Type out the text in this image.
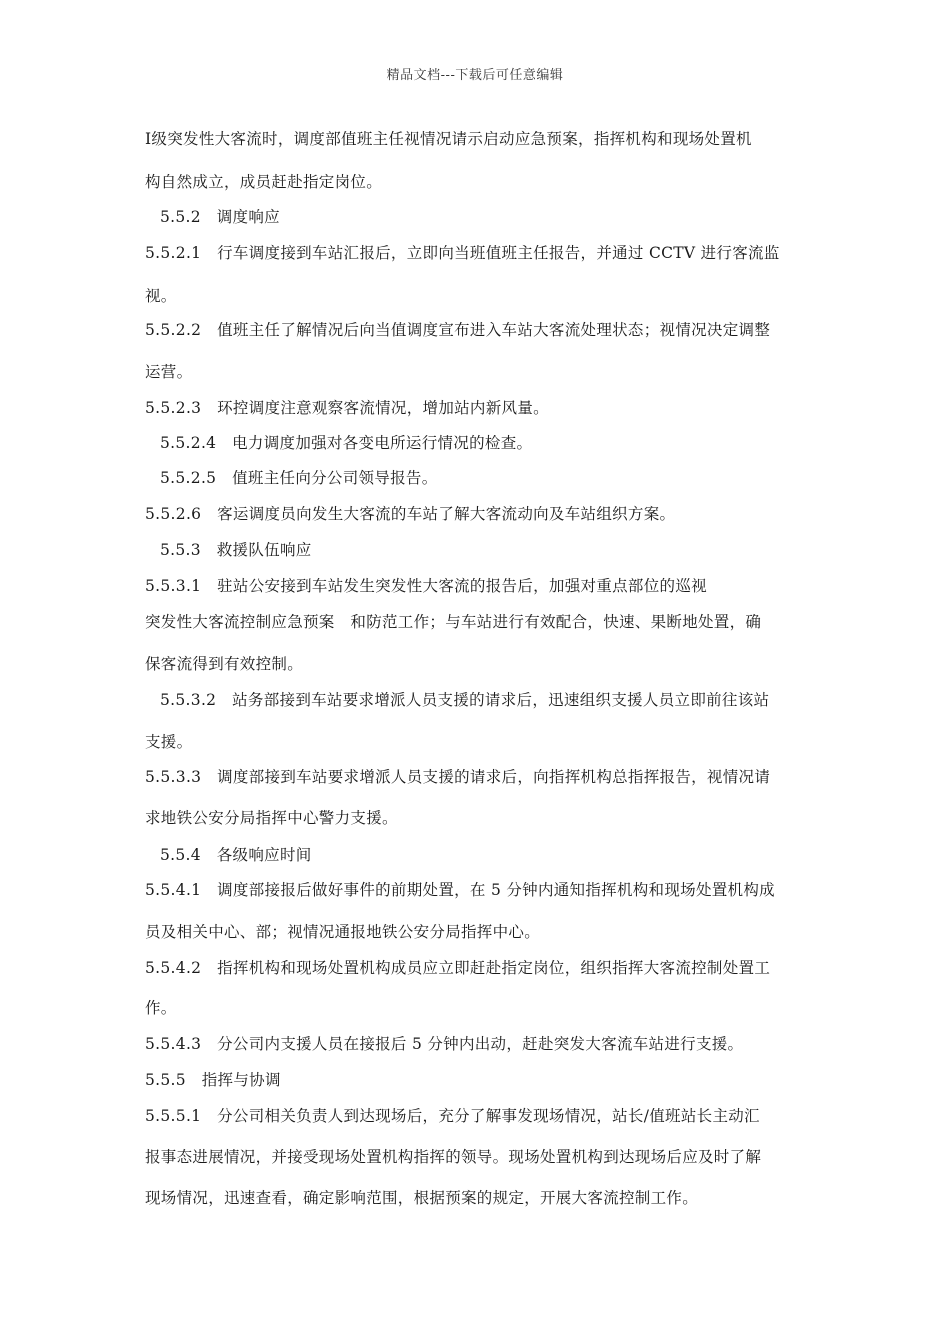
精品文档---下载后可任意编辑
Ⅰ级突发性大客流时，调度部值班主任视情况请示启动应急预案，指挥机构和现场处置机
构自然成立，成员赶赴指定岗位。
5.5.2　调度响应
5.5.2.1　行车调度接到车站汇报后，立即向当班值班主任报告，并通过 CCTV 进行客流监
视。
5.5.2.2　值班主任了解情况后向当值调度宣布进入车站大客流处理状态；视情况决定调整
运营。
5.5.2.3　环控调度注意观察客流情况，增加站内新风量。
5.5.2.4　电力调度加强对各变电所运行情况的检查。
5.5.2.5　值班主任向分公司领导报告。
5.5.2.6　客运调度员向发生大客流的车站了解大客流动向及车站组织方案。
5.5.3　救援队伍响应
5.5.3.1　驻站公安接到车站发生突发性大客流的报告后，加强对重点部位的巡视
突发性大客流控制应急预案　和防范工作；与车站进行有效配合，快速、果断地处置，确
保客流得到有效控制。
5.5.3.2　站务部接到车站要求增派人员支援的请求后，迅速组织支援人员立即前往该站
支援。
5.5.3.3　调度部接到车站要求增派人员支援的请求后，向指挥机构总指挥报告，视情况请
求地铁公安分局指挥中心警力支援。
5.5.4　各级响应时间
5.5.4.1　调度部接报后做好事件的前期处置，在 5 分钟内通知指挥机构和现场处置机构成
员及相关中心、部；视情况通报地铁公安分局指挥中心。
5.5.4.2　指挥机构和现场处置机构成员应立即赶赴指定岗位，组织指挥大客流控制处置工
作。
5.5.4.3　分公司内支援人员在接报后 5 分钟内出动，赶赴突发大客流车站进行支援。
5.5.5　指挥与协调
5.5.5.1　分公司相关负责人到达现场后，充分了解事发现场情况，站长/值班站长主动汇
报事态进展情况，并接受现场处置机构指挥的领导。现场处置机构到达现场后应及时了解
现场情况，迅速查看，确定影响范围，根据预案的规定，开展大客流控制工作。
